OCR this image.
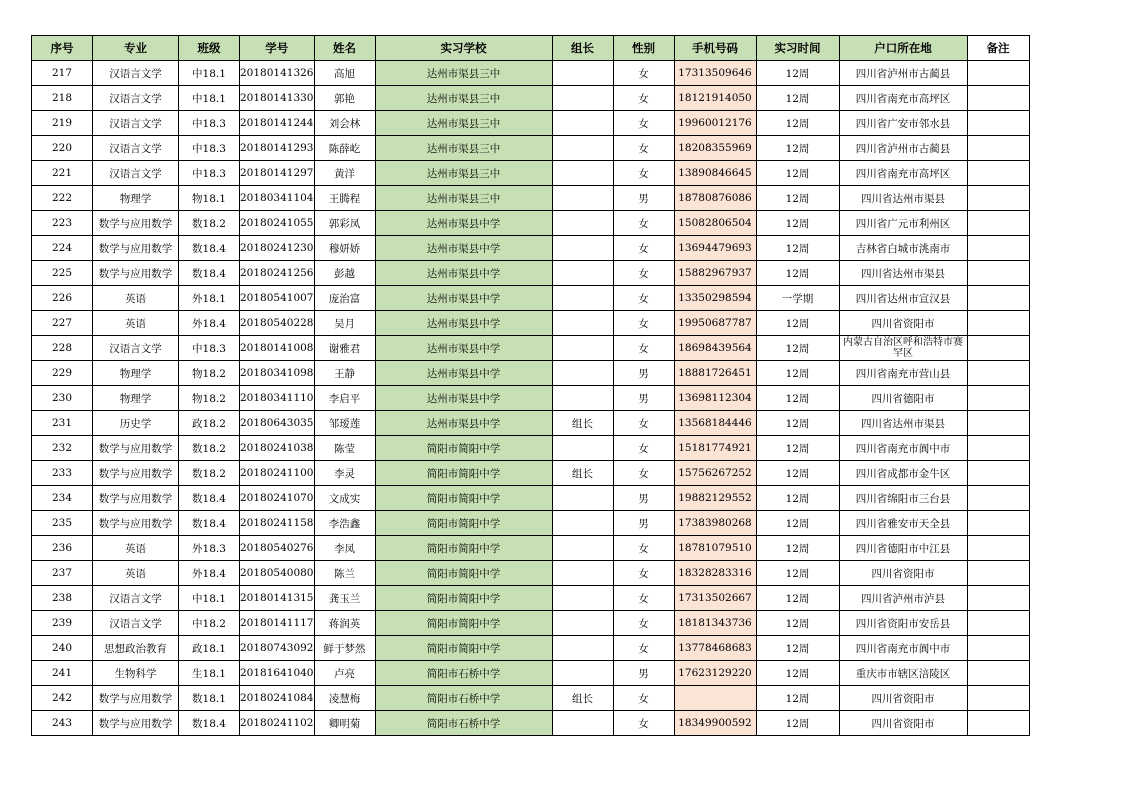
序号	专业	班级	学号	姓名	实习学校	组长	性别	手机号码	实习时间	户口所在地	备注
217	汉语言文学	中18.1	20180141326	高旭	达州市渠县三中		女	17313509646	12周	四川省泸州市古蔺县	
218	汉语言文学	中18.1	20180141330	郭艳	达州市渠县三中		女	18121914050	12周	四川省南充市高坪区	
219	汉语言文学	中18.3	20180141244	刘会林	达州市渠县三中		女	19960012176	12周	四川省广安市邻水县	
220	汉语言文学	中18.3	20180141293	陈薛屹	达州市渠县三中		女	18208355969	12周	四川省泸州市古蔺县	
221	汉语言文学	中18.3	20180141297	黄洋	达州市渠县三中		女	13890846645	12周	四川省南充市高坪区	
222	物理学	物18.1	20180341104	王腾程	达州市渠县三中		男	18780876086	12周	四川省达州市渠县	
223	数学与应用数学	数18.2	20180241055	郭彩凤	达州市渠县中学		女	15082806504	12周	四川省广元市利州区	
224	数学与应用数学	数18.4	20180241230	穆妍娇	达州市渠县中学		女	13694479693	12周	吉林省白城市洮南市	
225	数学与应用数学	数18.4	20180241256	彭越	达州市渠县中学		女	15882967937	12周	四川省达州市渠县	
226	英语	外18.1	20180541007	庞治富	达州市渠县中学		女	13350298594	一学期	四川省达州市宣汉县	
227	英语	外18.4	20180540228	吴月	达州市渠县中学		女	19950687787	12周	四川省资阳市	
228	汉语言文学	中18.3	20180141008	谢雅君	达州市渠县中学		女	18698439564	12周	内蒙古自治区呼和浩特市赛罕区	
229	物理学	物18.2	20180341098	王静	达州市渠县中学		男	18881726451	12周	四川省南充市营山县	
230	物理学	物18.2	20180341110	李启平	达州市渠县中学		男	13698112304	12周	四川省德阳市	
231	历史学	政18.2	20180643035	邹瑷莲	达州市渠县中学	组长	女	13568184446	12周	四川省达州市渠县	
232	数学与应用数学	数18.2	20180241038	陈莹	简阳市简阳中学		女	15181774921	12周	四川省南充市阆中市	
233	数学与应用数学	数18.2	20180241100	李灵	简阳市简阳中学	组长	女	15756267252	12周	四川省成都市金牛区	
234	数学与应用数学	数18.4	20180241070	文成实	简阳市简阳中学		男	19882129552	12周	四川省绵阳市三台县	
235	数学与应用数学	数18.4	20180241158	李浩鑫	简阳市简阳中学		男	17383980268	12周	四川省雅安市天全县	
236	英语	外18.3	20180540276	李凤	简阳市简阳中学		女	18781079510	12周	四川省德阳市中江县	
237	英语	外18.4	20180540080	陈兰	简阳市简阳中学		女	18328283316	12周	四川省资阳市	
238	汉语言文学	中18.1	20180141315	龚玉兰	简阳市简阳中学		女	17313502667	12周	四川省泸州市泸县	
239	汉语言文学	中18.2	20180141117	蒋润英	简阳市简阳中学		女	18181343736	12周	四川省资阳市安岳县	
240	思想政治教育	政18.1	20180743092	鲜于梦然	简阳市简阳中学		女	13778468683	12周	四川省南充市阆中市	
241	生物科学	生18.1	20181641040	卢亮	简阳市石桥中学		男	17623129220	12周	重庆市市辖区涪陵区	
242	数学与应用数学	数18.1	20180241084	凌慧梅	简阳市石桥中学	组长	女		12周	四川省资阳市	
243	数学与应用数学	数18.4	20180241102	卿明菊	简阳市石桥中学		女	18349900592	12周	四川省资阳市	
